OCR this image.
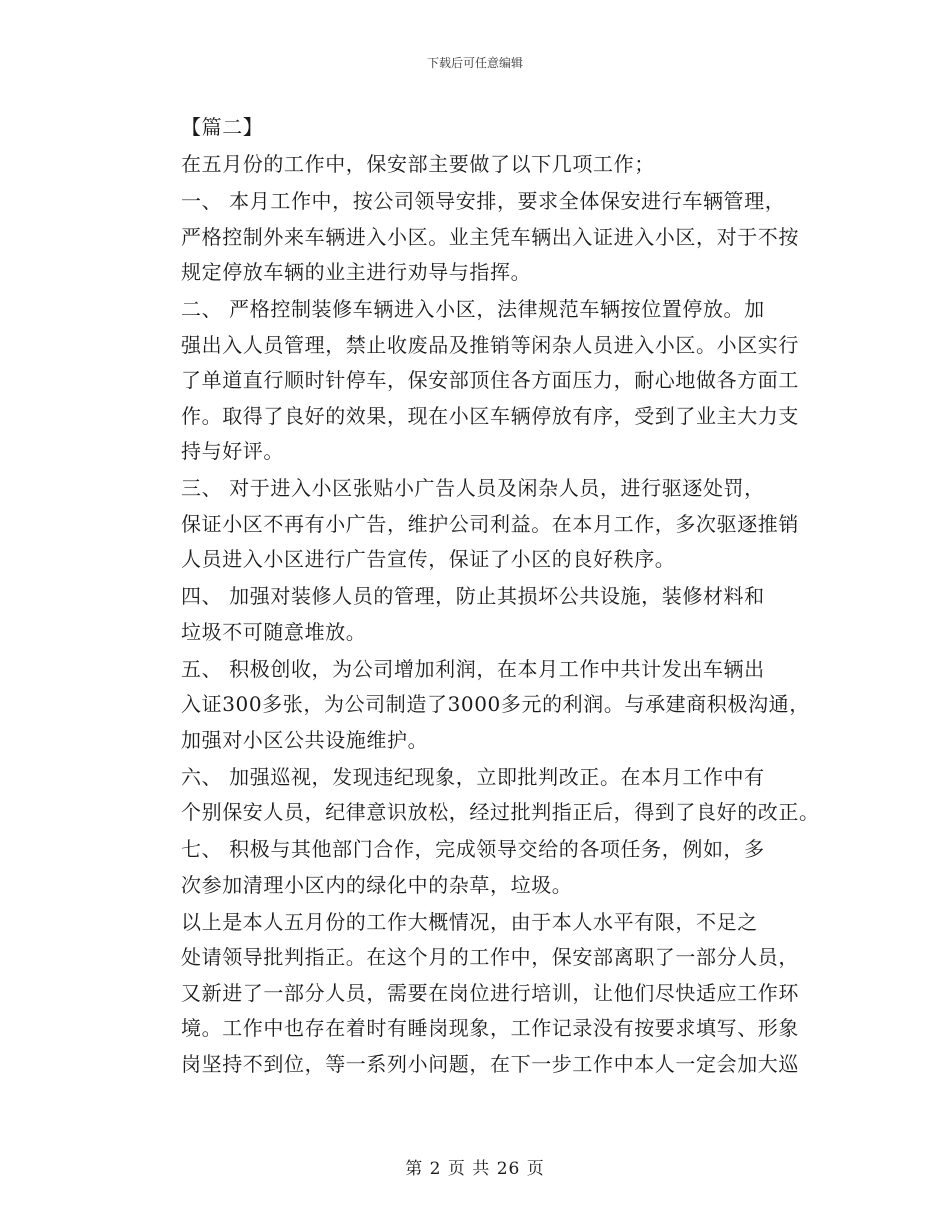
下载后可任意编辑
【篇二】
在五月份的工作中，保安部主要做了以下几项工作；
一、 本月工作中，按公司领导安排，要求全体保安进行车辆管理，
严格控制外来车辆进入小区。业主凭车辆出入证进入小区，对于不按
规定停放车辆的业主进行劝导与指挥。
二、 严格控制装修车辆进入小区，法律规范车辆按位置停放。加
强出入人员管理，禁止收废品及推销等闲杂人员进入小区。小区实行
了单道直行顺时针停车，保安部顶住各方面压力，耐心地做各方面工
作。取得了良好的效果，现在小区车辆停放有序，受到了业主大力支
持与好评。
三、 对于进入小区张贴小广告人员及闲杂人员，进行驱逐处罚，
保证小区不再有小广告，维护公司利益。在本月工作，多次驱逐推销
人员进入小区进行广告宣传，保证了小区的良好秩序。
四、 加强对装修人员的管理，防止其损坏公共设施，装修材料和
垃圾不可随意堆放。
五、 积极创收，为公司增加利润，在本月工作中共计发出车辆出
入证300多张，为公司制造了3000多元的利润。与承建商积极沟通，
加强对小区公共设施维护。
六、 加强巡视，发现违纪现象，立即批判改正。在本月工作中有
个别保安人员，纪律意识放松，经过批判指正后，得到了良好的改正。
七、 积极与其他部门合作，完成领导交给的各项任务，例如，多
次参加清理小区内的绿化中的杂草，垃圾。
以上是本人五月份的工作大概情况，由于本人水平有限，不足之
处请领导批判指正。在这个月的工作中，保安部离职了一部分人员，
又新进了一部分人员，需要在岗位进行培训，让他们尽快适应工作环
境。工作中也存在着时有睡岗现象，工作记录没有按要求填写、形象
岗坚持不到位，等一系列小问题，在下一步工作中本人一定会加大巡
第 2 页 共 26 页
